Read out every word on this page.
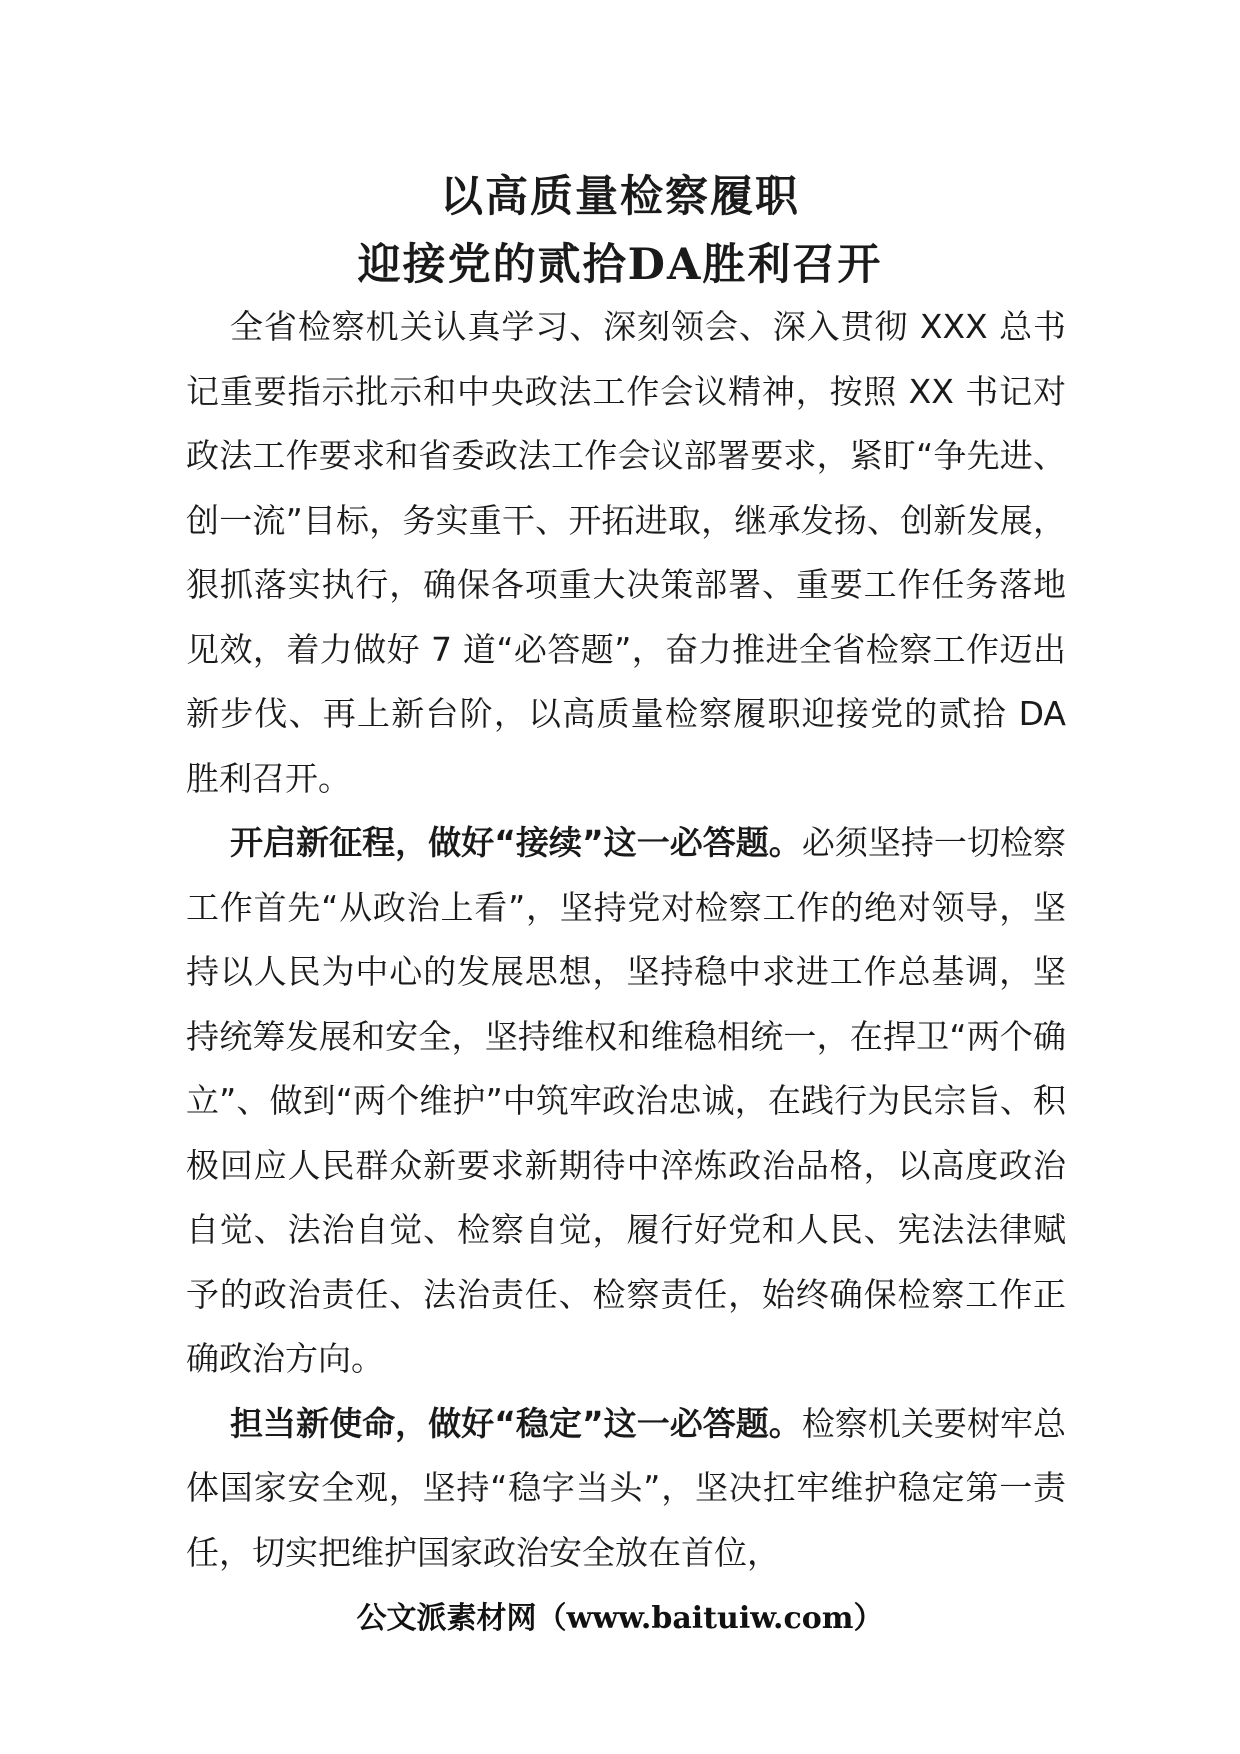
以高质量检察履职
迎接党的贰拾DA胜利召开

全省检察机关认真学习、深刻领会、深入贯彻 XXX 总书记重要指示批示和中央政法工作会议精神，按照 XX 书记对政法工作要求和省委政法工作会议部署要求，紧盯“争先进、创一流”目标，务实重干、开拓进取，继承发扬、创新发展，狠抓落实执行，确保各项重大决策部署、重要工作任务落地见效，着力做好 7 道“必答题”，奋力推进全省检察工作迈出新步伐、再上新台阶，以高质量检察履职迎接党的贰拾 DA 胜利召开。

开启新征程，做好“接续”这一必答题。必须坚持一切检察工作首先“从政治上看”，坚持党对检察工作的绝对领导，坚持以人民为中心的发展思想，坚持稳中求进工作总基调，坚持统筹发展和安全，坚持维权和维稳相统一，在捍卫“两个确立”、做到“两个维护”中筑牢政治忠诚，在践行为民宗旨、积极回应人民群众新要求新期待中淬炼政治品格，以高度政治自觉、法治自觉、检察自觉，履行好党和人民、宪法法律赋予的政治责任、法治责任、检察责任，始终确保检察工作正确政治方向。

担当新使命，做好“稳定”这一必答题。检察机关要树牢总体国家安全观，坚持“稳字当头”，坚决扛牢维护稳定第一责任，切实把维护国家政治安全放在首位，

公文派素材网（www.baituiw.com）
